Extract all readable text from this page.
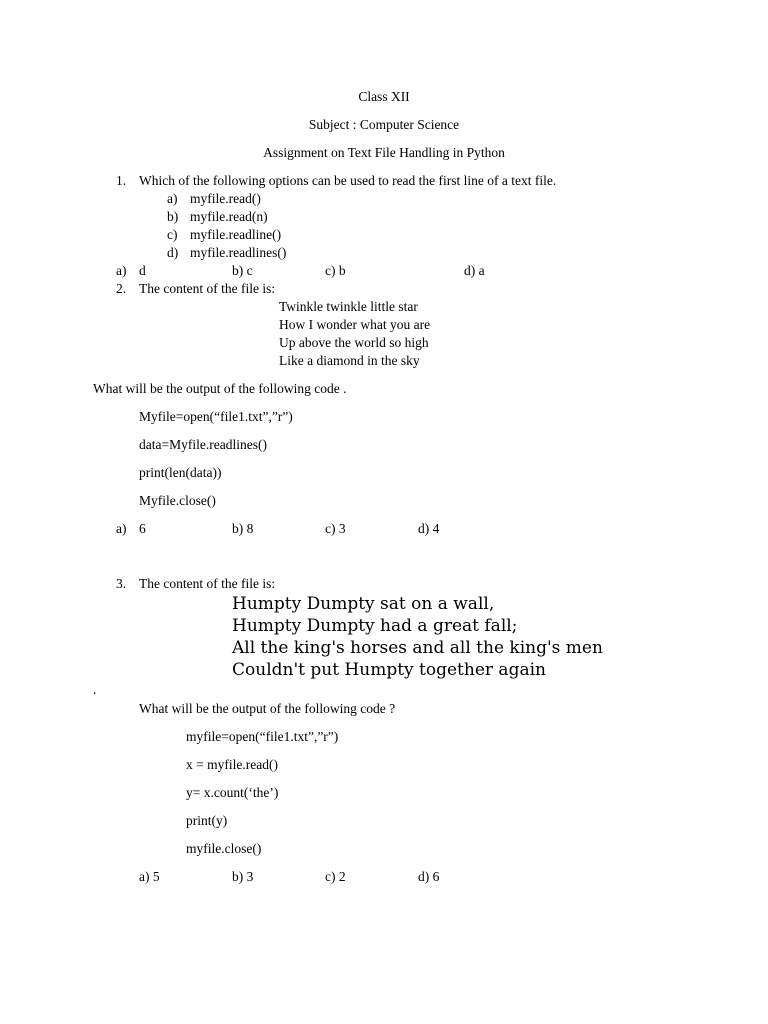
Class XII
Subject : Computer Science
Assignment on Text File Handling in Python
1. Which of the following options can be used to read the first line of a text file.
a) myfile.read()
b) myfile.read(n)
c) myfile.readline()
d) myfile.readlines()
a) d	b) c	c) b	d) a
2. The content of the file is:
Twinkle twinkle little star
How I wonder what you are
Up above the world so high
Like a diamond in the sky
What will be the output of the following code .
Myfile=open(“file1.txt”,”r”)
data=Myfile.readlines()
print(len(data))
Myfile.close()
a) 6	b) 8	c) 3	d) 4
3. The content of the file is:
Humpty Dumpty sat on a wall,
Humpty Dumpty had a great fall;
All the king's horses and all the king's men
Couldn't put Humpty together again
.
What will be the output of the following code ?
myfile=open(“file1.txt”,”r”)
x = myfile.read()
y= x.count(‘the’)
print(y)
myfile.close()
a) 5	b) 3	c) 2	d) 6
